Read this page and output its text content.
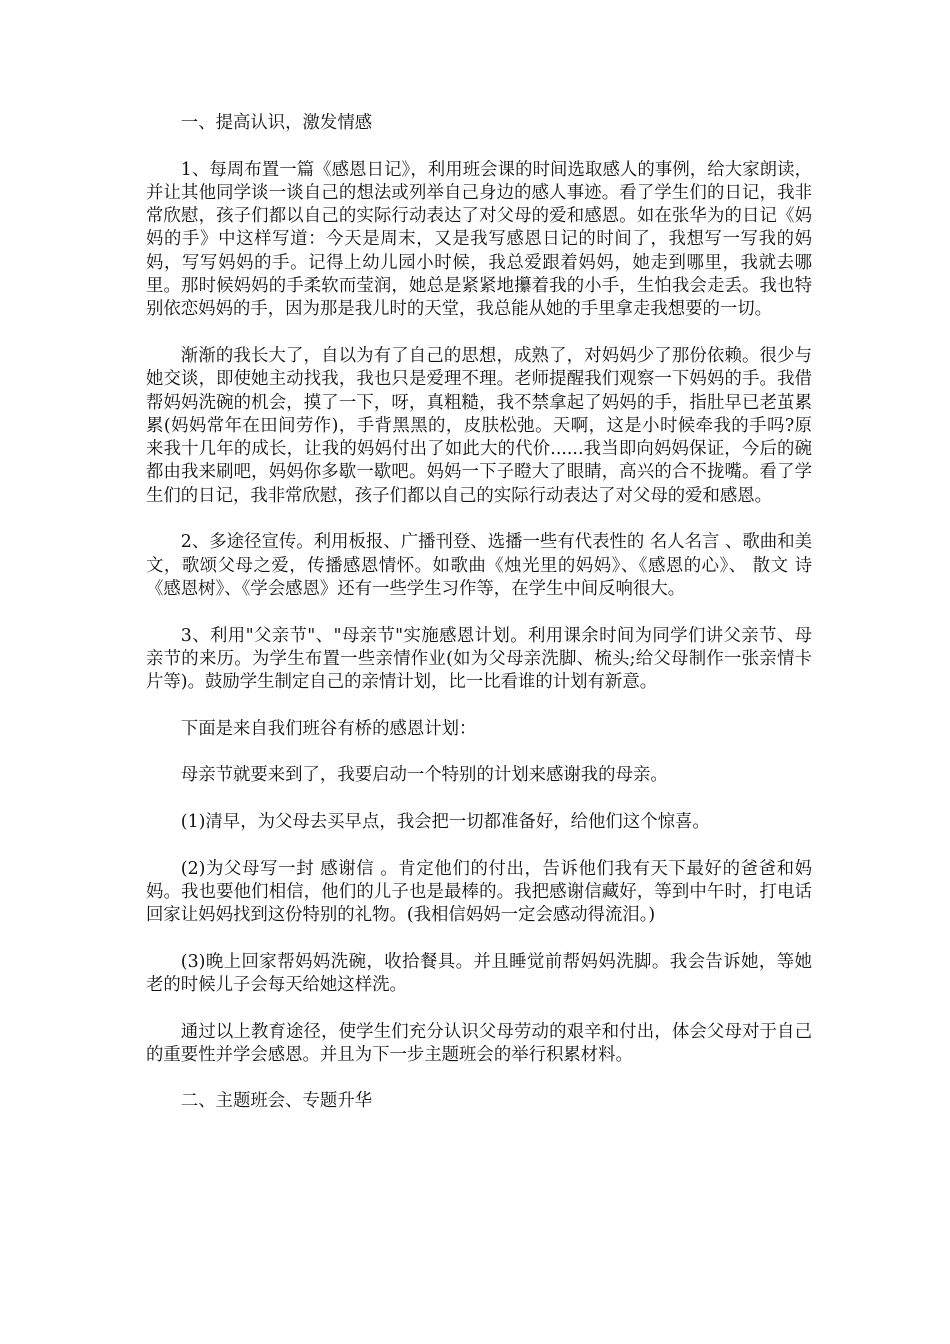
一、提高认识，激发情感

1、每周布置一篇《感恩日记》，利用班会课的时间选取感人的事例，给大家朗读，并让其他同学谈一谈自己的想法或列举自己身边的感人事迹。看了学生们的日记，我非常欣慰，孩子们都以自己的实际行动表达了对父母的爱和感恩。如在张华为的日记《妈妈的手》中这样写道：今天是周末，又是我写感恩日记的时间了，我想写一写我的妈妈，写写妈妈的手。记得上幼儿园小时候，我总爱跟着妈妈，她走到哪里，我就去哪里。那时候妈妈的手柔软而莹润，她总是紧紧地攥着我的小手，生怕我会走丢。我也特别依恋妈妈的手，因为那是我儿时的天堂，我总能从她的手里拿走我想要的一切。

渐渐的我长大了，自以为有了自己的思想，成熟了，对妈妈少了那份依赖。很少与她交谈，即使她主动找我，我也只是爱理不理。老师提醒我们观察一下妈妈的手。我借帮妈妈洗碗的机会，摸了一下，呀，真粗糙，我不禁拿起了妈妈的手，指肚早已老茧累累(妈妈常年在田间劳作)，手背黑黑的，皮肤松弛。天啊，这是小时候牵我的手吗?原来我十几年的成长，让我的妈妈付出了如此大的代价......我当即向妈妈保证，今后的碗都由我来刷吧，妈妈你多歇一歇吧。妈妈一下子瞪大了眼睛，高兴的合不拢嘴。看了学生们的日记，我非常欣慰，孩子们都以自己的实际行动表达了对父母的爱和感恩。

2、多途径宣传。利用板报、广播刊登、选播一些有代表性的 名人名言 、歌曲和美文，歌颂父母之爱，传播感恩情怀。如歌曲《烛光里的妈妈》、《感恩的心》、 散文 诗《感恩树》、《学会感恩》还有一些学生习作等，在学生中间反响很大。

3、利用"父亲节"、"母亲节"实施感恩计划。利用课余时间为同学们讲父亲节、母亲节的来历。为学生布置一些亲情作业(如为父母亲洗脚、梳头;给父母制作一张亲情卡片等)。鼓励学生制定自己的亲情计划，比一比看谁的计划有新意。

下面是来自我们班谷有桥的感恩计划：

母亲节就要来到了，我要启动一个特别的计划来感谢我的母亲。

(1)清早，为父母去买早点，我会把一切都准备好，给他们这个惊喜。

(2)为父母写一封 感谢信 。肯定他们的付出，告诉他们我有天下最好的爸爸和妈妈。我也要他们相信，他们的儿子也是最棒的。我把感谢信藏好，等到中午时，打电话回家让妈妈找到这份特别的礼物。(我相信妈妈一定会感动得流泪。)

(3)晚上回家帮妈妈洗碗，收拾餐具。并且睡觉前帮妈妈洗脚。我会告诉她，等她老的时候儿子会每天给她这样洗。

通过以上教育途径，使学生们充分认识父母劳动的艰辛和付出，体会父母对于自己的重要性并学会感恩。并且为下一步主题班会的举行积累材料。

二、主题班会、专题升华
